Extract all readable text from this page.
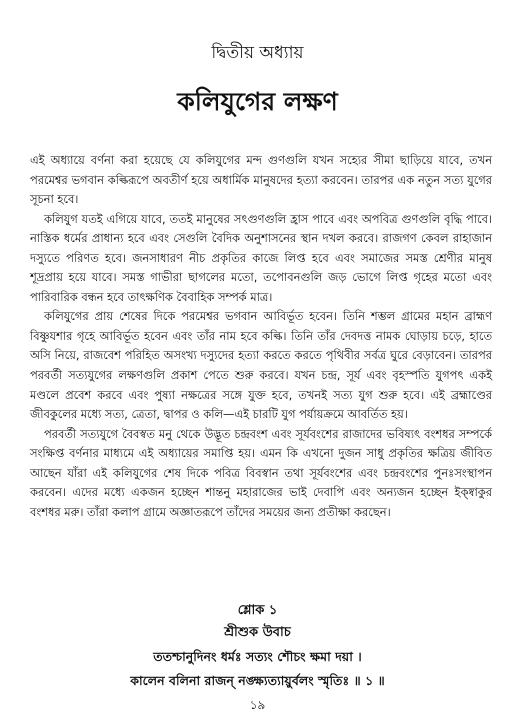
দ্বিতীয় অধ্যায়
কলিযুগের লক্ষণ

এই অধ্যায়ে বর্ণনা করা হয়েছে যে কলিযুগের মন্দ গুণগুলি যখন সহ্যের সীমা ছাড়িয়ে যাবে, তখন পরমেশ্বর ভগবান কল্কিরূপে অবতীর্ণ হয়ে অধার্মিক মানুষদের হত্যা করবেন। তারপর এক নতুন সত্য যুগের সূচনা হবে।

কলিযুগ যতই এগিয়ে যাবে, ততই মানুষের সৎগুণগুলি হ্রাস পাবে এবং অপবিত্র গুণগুলি বৃদ্ধি পাবে। নাস্তিক ধর্মের প্রাধান্য হবে এবং সেগুলি বৈদিক অনুশাসনের স্থান দখল করবে। রাজগণ কেবল রাহাজান দস্যুতে পরিণত হবে। জনসাধারণ নীচ প্রকৃতির কাজে লিপ্ত হবে এবং সমাজের সমস্ত শ্রেণীর মানুষ শূদ্রপ্রায় হয়ে যাবে। সমস্ত গাভীরা ছাগলের মতো, তপোবনগুলি জড় ভোগে লিপ্ত গৃহের মতো এবং পারিবারিক বন্ধন হবে তাৎক্ষণিক বৈবাহিক সম্পর্ক মাত্র।

কলিযুগের প্রায় শেষের দিকে পরমেশ্বর ভগবান আবির্ভূত হবেন। তিনি শম্ভল গ্রামের মহান ব্রাহ্মণ বিষ্ণুযশার গৃহে আবির্ভূত হবেন এবং তাঁর নাম হবে কল্কি। তিনি তাঁর দেবদত্ত নামক ঘোড়ায় চড়ে, হাতে অসি নিয়ে, রাজবেশ পরিহিত অসংখ্য দস্যুদের হত্যা করতে করতে পৃথিবীর সর্বত্র ঘুরে বেড়াবেন। তারপর পরবর্তী সত্যযুগের লক্ষণগুলি প্রকাশ পেতে শুরু করবে। যখন চন্দ্র, সূর্য এবং বৃহস্পতি যুগপৎ একই মণ্ডলে প্রবেশ করবে এবং পুষ্যা নক্ষত্রের সঙ্গে যুক্ত হবে, তখনই সত্য যুগ শুরু হবে। এই ব্রহ্মাণ্ডের জীবকুলের মধ্যে সত্য, ত্রেতা, দ্বাপর ও কলি—এই চারটি যুগ পর্যায়ক্রমে আবর্তিত হয়।

পরবর্তী সত্যযুগে বৈবস্বত মনু থেকে উদ্ভূত চন্দ্রবংশ এবং সূর্যবংশের রাজাদের ভবিষ্যৎ বংশধর সম্পর্কে সংক্ষিপ্ত বর্ণনার মাধ্যমে এই অধ্যায়ের সমাপ্তি হয়। এমন কি এখনো দুজন সাধু প্রকৃতির ক্ষত্রিয় জীবিত আছেন যাঁরা এই কলিযুগের শেষ দিকে পবিত্র বিবস্বান তথা সূর্যবংশের এবং চন্দ্রবংশের পুনঃসংস্থাপন করবেন। এদের মধ্যে একজন হচ্ছেন শান্তনু মহারাজের ভাই দেবাপি এবং অন্যজন হচ্ছেন ইক্ষ্বাকুর বংশধর মরু। তাঁরা কলাপ গ্রামে অজ্ঞাতরূপে তাঁদের সময়ের জন্য প্রতীক্ষা করছেন।

শ্লোক ১
শ্রীশুক উবাচ
ততশ্চানুদিনং ধর্মঃ সত্যং শৌচং ক্ষমা দয়া ।
কালেন বলিনা রাজন্ নঙ্ক্ষ্যত্যায়ুর্বলং স্মৃতিঃ ॥ ১ ॥
১৯
